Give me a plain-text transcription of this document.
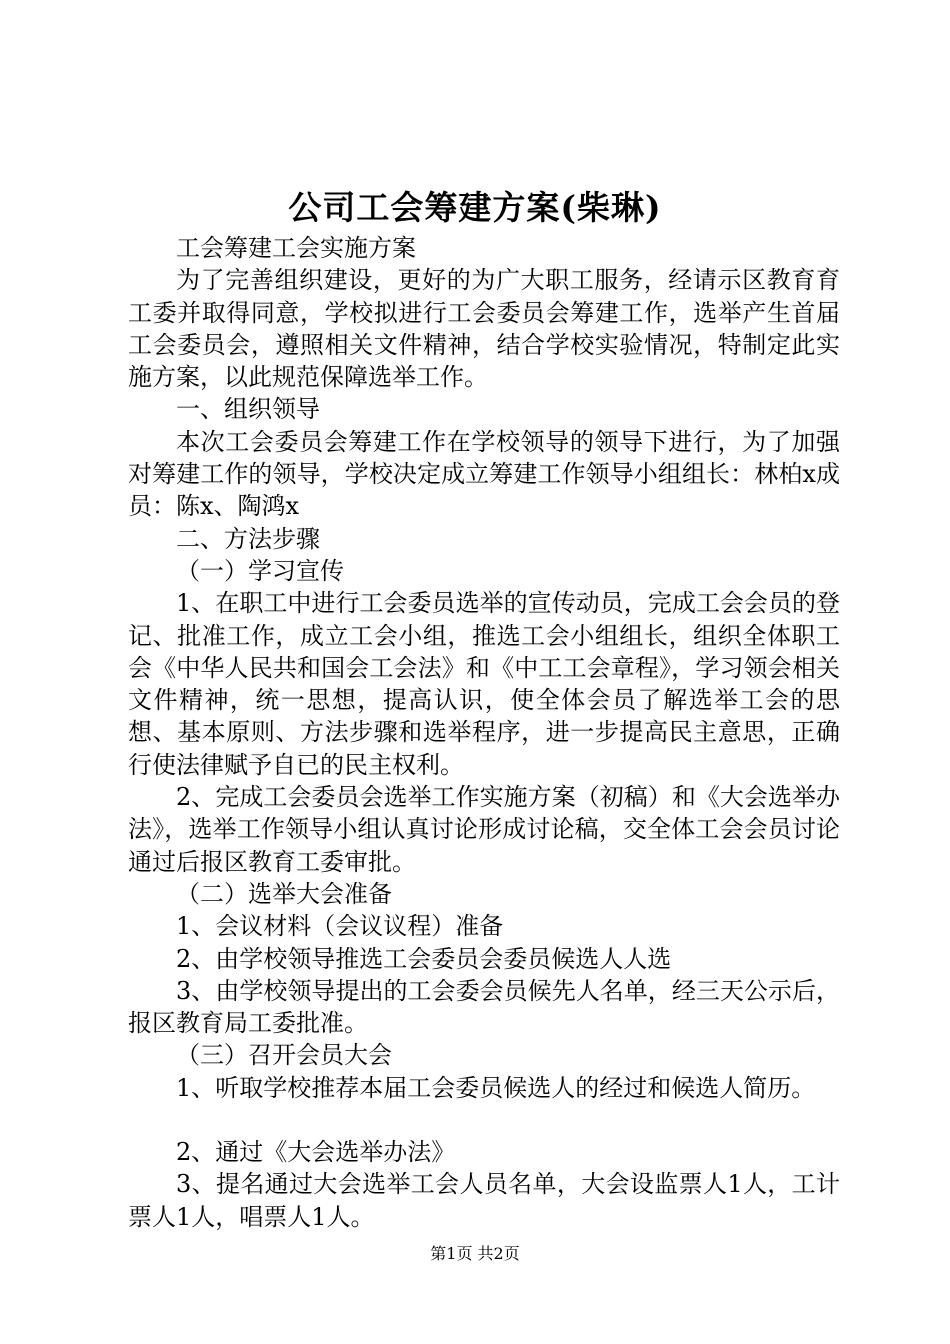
公司工会筹建方案(柴琳)

工会筹建工会实施方案

为了完善组织建设，更好的为广大职工服务，经请示区教育育工委并取得同意，学校拟进行工会委员会筹建工作，选举产生首届工会委员会，遵照相关文件精神，结合学校实验情况，特制定此实施方案，以此规范保障选举工作。

一、组织领导

本次工会委员会筹建工作在学校领导的领导下进行，为了加强对筹建工作的领导，学校决定成立筹建工作领导小组组长：林柏x成员：陈x、陶鸿x

二、方法步骤

（一）学习宣传

1、在职工中进行工会委员选举的宣传动员，完成工会会员的登记、批准工作，成立工会小组，推选工会小组组长，组织全体职工会《中华人民共和国会工会法》和《中工工会章程》，学习领会相关文件精神，统一思想，提高认识，使全体会员了解选举工会的思想、基本原则、方法步骤和选举程序，进一步提高民主意思，正确行使法律赋予自已的民主权利。

2、完成工会委员会选举工作实施方案（初稿）和《大会选举办法》，选举工作领导小组认真讨论形成讨论稿，交全体工会会员讨论通过后报区教育工委审批。

（二）选举大会准备

1、会议材料（会议议程）准备

2、由学校领导推选工会委员会委员候选人人选

3、由学校领导提出的工会委会员候先人名单，经三天公示后，报区教育局工委批准。

（三）召开会员大会

1、听取学校推荐本届工会委员候选人的经过和候选人简历。

2、通过《大会选举办法》

3、提名通过大会选举工会人员名单，大会设监票人1人，工计票人1人，唱票人1人。

第1页 共2页
